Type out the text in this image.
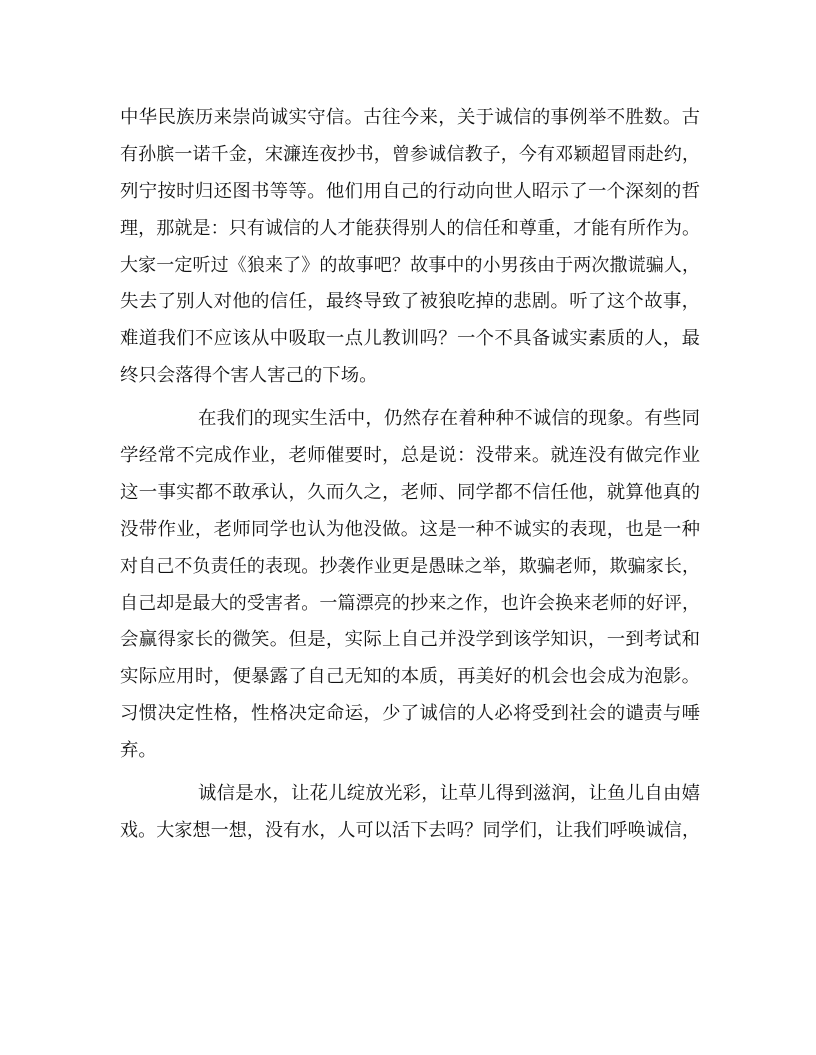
中华民族历来崇尚诚实守信。古往今来，关于诚信的事例举不胜数。古
有孙膑一诺千金，宋濂连夜抄书，曾参诚信教子，今有邓颖超冒雨赴约，
列宁按时归还图书等等。他们用自己的行动向世人昭示了一个深刻的哲
理，那就是：只有诚信的人才能获得别人的信任和尊重，才能有所作为。
大家一定听过《狼来了》的故事吧？故事中的小男孩由于两次撒谎骗人，
失去了别人对他的信任，最终导致了被狼吃掉的悲剧。听了这个故事，
难道我们不应该从中吸取一点儿教训吗？一个不具备诚实素质的人，最
终只会落得个害人害己的下场。
在我们的现实生活中，仍然存在着种种不诚信的现象。有些同
学经常不完成作业，老师催要时，总是说：没带来。就连没有做完作业
这一事实都不敢承认，久而久之，老师、同学都不信任他，就算他真的
没带作业，老师同学也认为他没做。这是一种不诚实的表现，也是一种
对自己不负责任的表现。抄袭作业更是愚昧之举，欺骗老师，欺骗家长，
自己却是最大的受害者。一篇漂亮的抄来之作，也许会换来老师的好评，
会赢得家长的微笑。但是，实际上自己并没学到该学知识，一到考试和
实际应用时，便暴露了自己无知的本质，再美好的机会也会成为泡影。
习惯决定性格，性格决定命运，少了诚信的人必将受到社会的谴责与唾
弃。
诚信是水，让花儿绽放光彩，让草儿得到滋润，让鱼儿自由嬉
戏。大家想一想，没有水，人可以活下去吗？同学们，让我们呼唤诚信，
